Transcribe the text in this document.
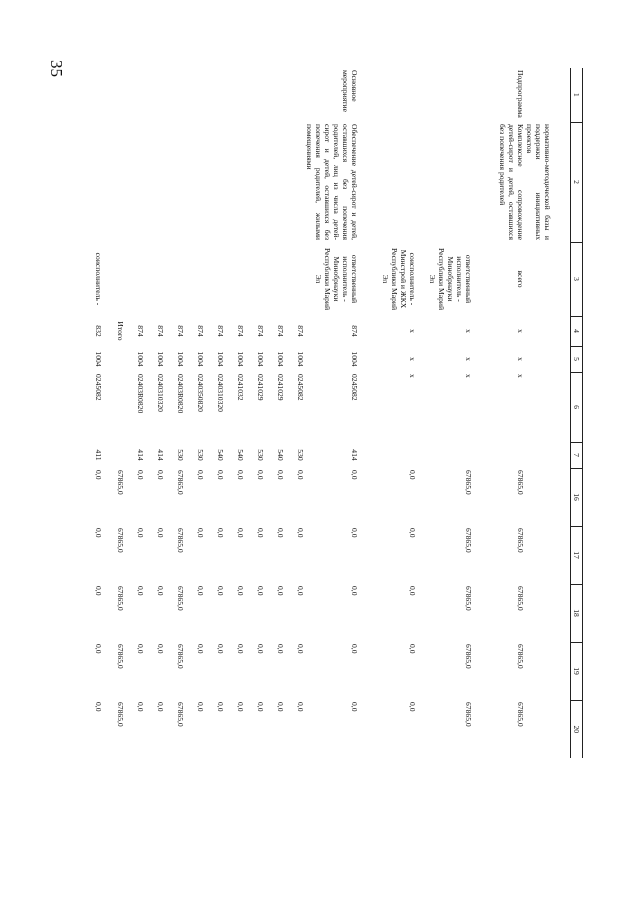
35
1	2	3	4	5	6	7	16	17	18	19	20
	нормативно-методической базы и поддержки инициативных проектов										
Подпрограмма	Комплексное сопровождение детей-сирот и детей, оставшихся без попечения родителей	всего	x	x	x		67865,0	67865,0	67865,0	67865,0	67865,0
		ответственный исполнитель - Минобрнауки Республики Марий Эл	x	x	x		67865,0	67865,0	67865,0	67865,0	67865,0
		соисполнитель - Минстрой и ЖКХ Республики Марий Эл	x	x	x		0,0	0,0	0,0	0,0	0,0
Основное мероприятие	Обеспечение детей-сирот и детей, оставшихся без попечения родителей, лиц из числа детей-сирот и детей, оставшихся без попечения родителей, жилыми помещениями	ответственный исполнитель - Минобрнауки Республики Марий Эл	874	1004	0245082	414	0,0	0,0	0,0	0,0	0,0
			874	1004	0245082	530	0,0	0,0	0,0	0,0	0,0
			874	1004	0241029	540	0,0	0,0	0,0	0,0	0,0
			874	1004	0241029	530	0,0	0,0	0,0	0,0	0,0
			874	1004	0241032	540	0,0	0,0	0,0	0,0	0,0
			874	1004	0240310320	540	0,0	0,0	0,0	0,0	0,0
			874	1004	0240350820	530	0,0	0,0	0,0	0,0	0,0
			874	1004	02403R0820	530	67865,0	67865,0	67865,0	67865,0	67865,0
			874	1004	0240310320	414	0,0	0,0	0,0	0,0	0,0
			874	1004	02403R0820	414	0,0	0,0	0,0	0,0	0,0
			Итого				67865,0	67865,0	67865,0	67865,0	67865,0
		соисполнитель -	832	1004	0245082	411	0,0	0,0	0,0	0,0	0,0
